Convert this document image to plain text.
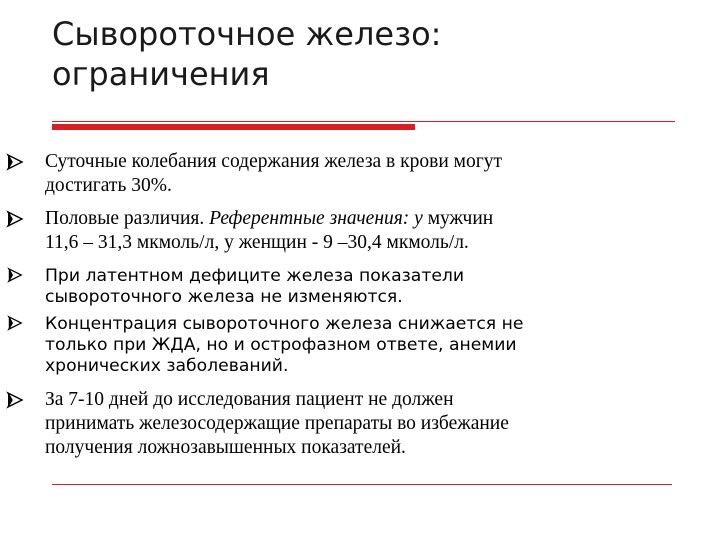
Сывороточное железо:
ограничения
Суточные колебания содержания железа в крови могут
достигать 30%.
Половые различия. Референтные значения: у мужчин
11,6 – 31,3 мкмоль/л, у женщин - 9 –30,4 мкмоль/л.
При латентном дефиците железа показатели
сывороточного железа не изменяются.
Концентрация сывороточного железа снижается не
только при ЖДА, но и острофазном ответе, анемии
хронических заболеваний.
За 7-10 дней до исследования пациент не должен
принимать железосодержащие препараты во избежание
получения ложнозавышенных показателей.
